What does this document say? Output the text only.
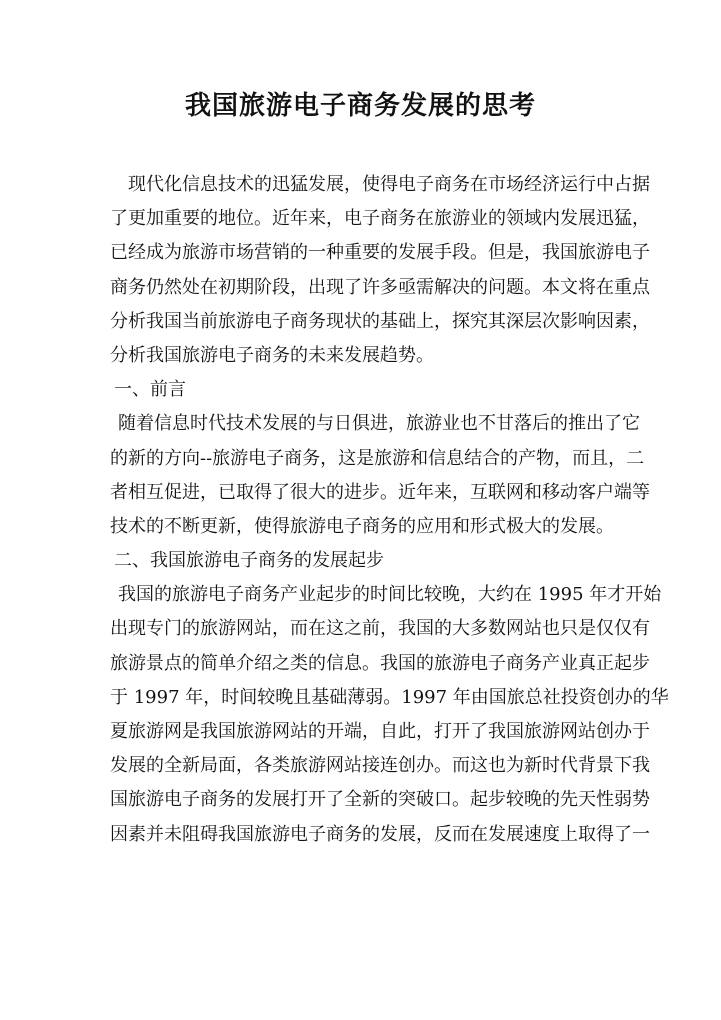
我国旅游电子商务发展的思考
现代化信息技术的迅猛发展，使得电子商务在市场经济运行中占据
了更加重要的地位。近年来，电子商务在旅游业的领域内发展迅猛，
已经成为旅游市场营销的一种重要的发展手段。但是，我国旅游电子
商务仍然处在初期阶段，出现了许多亟需解决的问题。本文将在重点
分析我国当前旅游电子商务现状的基础上，探究其深层次影响因素，
分析我国旅游电子商务的未来发展趋势。
一、前言
随着信息时代技术发展的与日俱进，旅游业也不甘落后的推出了它
的新的方向--旅游电子商务，这是旅游和信息结合的产物，而且，二
者相互促进，已取得了很大的进步。近年来，互联网和移动客户端等
技术的不断更新，使得旅游电子商务的应用和形式极大的发展。
二、我国旅游电子商务的发展起步
我国的旅游电子商务产业起步的时间比较晚，大约在 1995 年才开始
出现专门的旅游网站，而在这之前，我国的大多数网站也只是仅仅有
旅游景点的简单介绍之类的信息。我国的旅游电子商务产业真正起步
于 1997 年，时间较晚且基础薄弱。1997 年由国旅总社投资创办的华
夏旅游网是我国旅游网站的开端，自此，打开了我国旅游网站创办于
发展的全新局面，各类旅游网站接连创办。而这也为新时代背景下我
国旅游电子商务的发展打开了全新的突破口。起步较晚的先天性弱势
因素并未阻碍我国旅游电子商务的发展，反而在发展速度上取得了一
